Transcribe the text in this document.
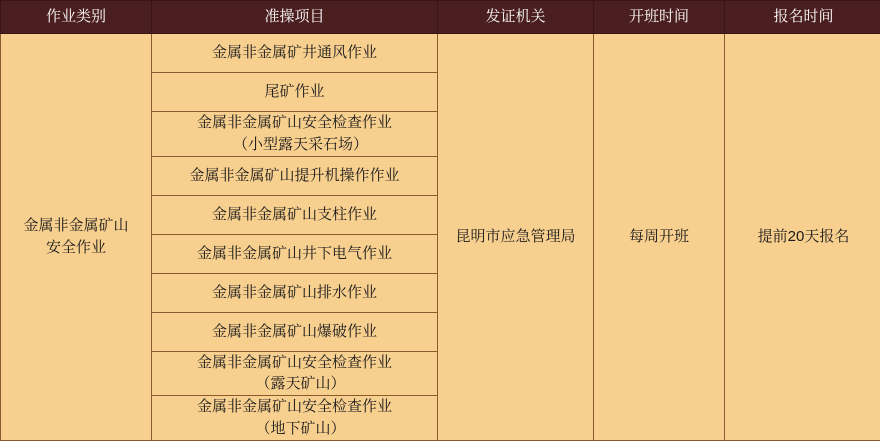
作业类别	准操项目	发证机关	开班时间	报名时间

金属非金属矿山
安全作业	金属非金属矿井通风作业	昆明市应急管理局	每周开班	提前20天报名
	尾矿作业			
	金属非金属矿山安全检查作业
（小型露天采石场）			

	金属非金属矿山提升机操作作业			
	金属非金属矿山支柱作业			
	金属非金属矿山井下电气作业			
	金属非金属矿山排水作业			
	金属非金属矿山爆破作业			
	金属非金属矿山安全检查作业
（露天矿山）			

	金属非金属矿山安全检查作业
（地下矿山）			
